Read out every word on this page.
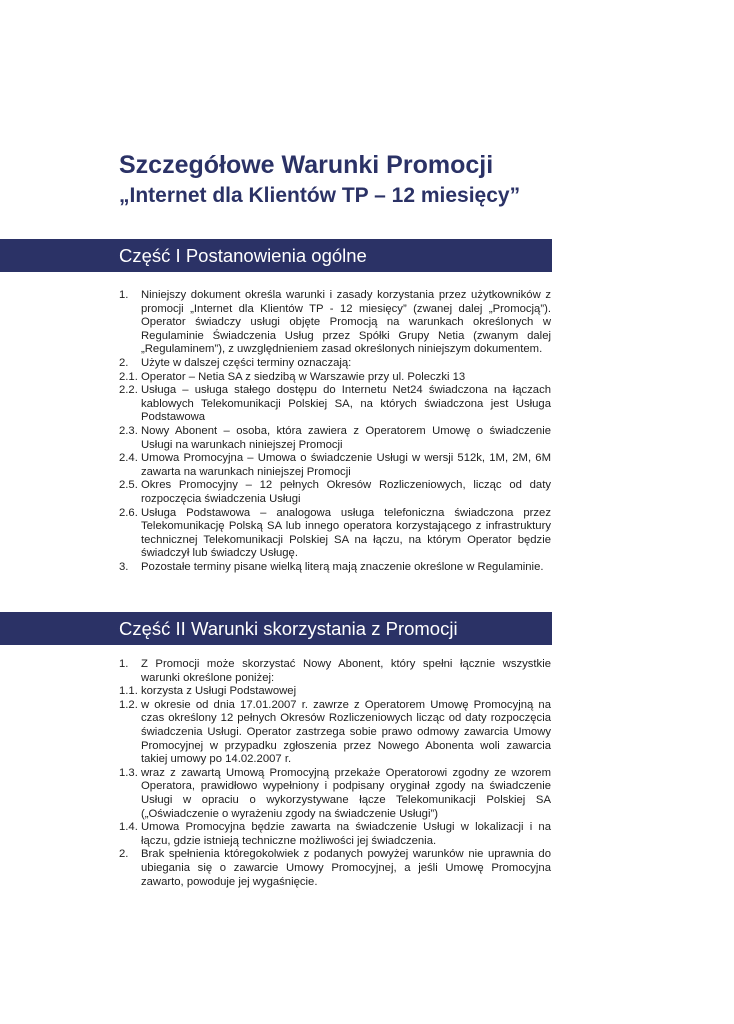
Szczegółowe Warunki Promocji
„Internet dla Klientów TP – 12 miesięcy”
Część I Postanowienia ogólne
1. Niniejszy dokument określa warunki i zasady korzystania przez użytkowników z promocji „Internet dla Klientów TP - 12 miesięcy” (zwanej dalej „Promocją”). Operator świadczy usługi objęte Promocją na warunkach określonych w Regulaminie Świadczenia Usług przez Spółki Grupy Netia (zwanym dalej „Regulaminem”), z uwzględnieniem zasad określonych niniejszym dokumentem.
2. Użyte w dalszej części terminy oznaczają:
2.1. Operator – Netia SA z siedzibą w Warszawie przy ul. Poleczki 13
2.2. Usługa – usługa stałego dostępu do Internetu Net24 świadczona na łączach kablowych Telekomunikacji Polskiej SA, na których świadczona jest Usługa Podstawowa
2.3. Nowy Abonent – osoba, która zawiera z Operatorem Umowę o świadczenie Usługi na warunkach niniejszej Promocji
2.4. Umowa Promocyjna – Umowa o świadczenie Usługi w wersji 512k, 1M, 2M, 6M zawarta na warunkach niniejszej Promocji
2.5. Okres Promocyjny – 12 pełnych Okresów Rozliczeniowych, licząc od daty rozpoczęcia świadczenia Usługi
2.6. Usługa Podstawowa – analogowa usługa telefoniczna świadczona przez Telekomunikację Polską SA lub innego operatora korzystającego z infrastruktury technicznej Telekomunikacji Polskiej SA na łączu, na którym Operator będzie świadczył lub świadczy Usługę.
3. Pozostałe terminy pisane wielką literą mają znaczenie określone w Regulaminie.
Część II Warunki skorzystania z Promocji
1. Z Promocji może skorzystać Nowy Abonent, który spełni łącznie wszystkie warunki określone poniżej:
1.1. korzysta z Usługi Podstawowej
1.2. w okresie od dnia 17.01.2007 r. zawrze z Operatorem Umowę Promocyjną na czas określony 12 pełnych Okresów Rozliczeniowych licząc od daty rozpoczęcia świadczenia Usługi. Operator zastrzega sobie prawo odmowy zawarcia Umowy Promocyjnej w przypadku zgłoszenia przez Nowego Abonenta woli zawarcia takiej umowy po 14.02.2007 r.
1.3. wraz z zawartą Umową Promocyjną przekaże Operatorowi zgodny ze wzorem Operatora, prawidłowo wypełniony i podpisany oryginał zgody na świadczenie Usługi w opraciu o wykorzystywane łącze Telekomunikacji Polskiej SA („Oświadczenie o wyrażeniu zgody na świadczenie Usługi”)
1.4. Umowa Promocyjna będzie zawarta na świadczenie Usługi w lokalizacji i na łączu, gdzie istnieją techniczne możliwości jej świadczenia.
2. Brak spełnienia któregokolwiek z podanych powyżej warunków nie uprawnia do ubiegania się o zawarcie Umowy Promocyjnej, a jeśli Umowę Promocyjna zawarto, powoduje jej wygaśnięcie.
